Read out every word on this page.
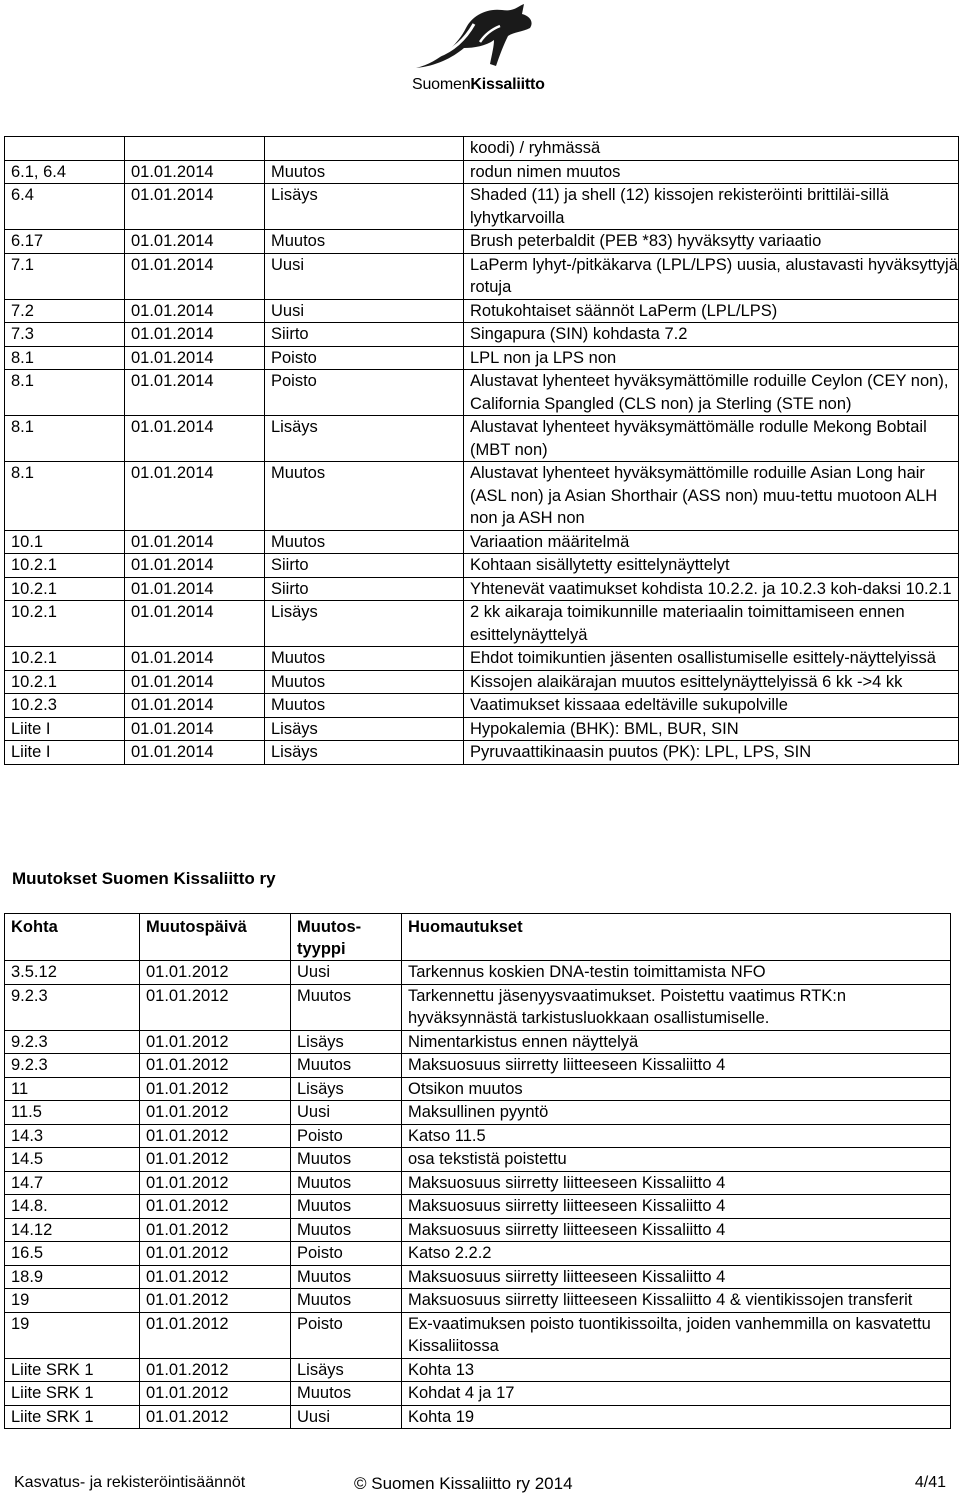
SuomenKissaliitto
			koodi) / ryhmässä
6.1, 6.4	01.01.2014	Muutos	rodun nimen muutos
6.4	01.01.2014	Lisäys	Shaded (11) ja shell (12) kissojen rekisteröinti brittiläi-sillä lyhytkarvoilla
6.17	01.01.2014	Muutos	Brush peterbaldit (PEB *83) hyväksytty variaatio
7.1	01.01.2014	Uusi	LaPerm lyhyt-/pitkäkarva (LPL/LPS) uusia, alustavasti hyväksyttyjä rotuja
7.2	01.01.2014	Uusi	Rotukohtaiset säännöt LaPerm (LPL/LPS)
7.3	01.01.2014	Siirto	Singapura (SIN) kohdasta 7.2
8.1	01.01.2014	Poisto	LPL non ja LPS non
8.1	01.01.2014	Poisto	Alustavat lyhenteet hyväksymättömille roduille Ceylon (CEY non), California Spangled (CLS non) ja Sterling (STE non)
8.1	01.01.2014	Lisäys	Alustavat lyhenteet hyväksymättömälle rodulle Mekong Bobtail (MBT non)
8.1	01.01.2014	Muutos	Alustavat lyhenteet hyväksymättömille roduille Asian Long hair (ASL non) ja Asian Shorthair (ASS non) muu-tettu muotoon ALH non ja ASH non
10.1	01.01.2014	Muutos	Variaation määritelmä
10.2.1	01.01.2014	Siirto	Kohtaan sisällytetty esittelynäyttelyt
10.2.1	01.01.2014	Siirto	Yhtenevät vaatimukset kohdista 10.2.2. ja 10.2.3 koh-daksi 10.2.1
10.2.1	01.01.2014	Lisäys	2 kk aikaraja toimikunnille materiaalin toimittamiseen ennen esittelynäyttelyä
10.2.1	01.01.2014	Muutos	Ehdot toimikuntien jäsenten osallistumiselle esittely-näyttelyissä
10.2.1	01.01.2014	Muutos	Kissojen alaikärajan muutos esittelynäyttelyissä 6 kk ->4 kk
10.2.3	01.01.2014	Muutos	Vaatimukset kissaaa edeltäville sukupolville
Liite I	01.01.2014	Lisäys	Hypokalemia (BHK): BML, BUR, SIN
Liite I	01.01.2014	Lisäys	Pyruvaattikinaasin puutos (PK): LPL, LPS, SIN
Muutokset Suomen Kissaliitto ry
Kohta	Muutospäivä	Muutos-tyyppi	Huomautukset
3.5.12	01.01.2012	Uusi	Tarkennus koskien DNA-testin toimittamista NFO
9.2.3	01.01.2012	Muutos	Tarkennettu jäsenyysvaatimukset. Poistettu vaatimus RTK:n hyväksynnästä tarkistusluokkaan osallistumiselle.
9.2.3	01.01.2012	Lisäys	Nimentarkistus ennen näyttelyä
9.2.3	01.01.2012	Muutos	Maksuosuus siirretty liitteeseen Kissaliitto 4
11	01.01.2012	Lisäys	Otsikon muutos
11.5	01.01.2012	Uusi	Maksullinen pyyntö
14.3	01.01.2012	Poisto	Katso 11.5
14.5	01.01.2012	Muutos	osa tekstistä poistettu
14.7	01.01.2012	Muutos	Maksuosuus siirretty liitteeseen Kissaliitto 4
14.8.	01.01.2012	Muutos	Maksuosuus siirretty liitteeseen Kissaliitto 4
14.12	01.01.2012	Muutos	Maksuosuus siirretty liitteeseen Kissaliitto 4
16.5	01.01.2012	Poisto	Katso 2.2.2
18.9	01.01.2012	Muutos	Maksuosuus siirretty liitteeseen Kissaliitto 4
19	01.01.2012	Muutos	Maksuosuus siirretty liitteeseen Kissaliitto 4 & vientikissojen transferit
19	01.01.2012	Poisto	Ex-vaatimuksen poisto tuontikissoilta, joiden vanhemmilla on kasvatettu Kissaliitossa
Liite SRK 1	01.01.2012	Lisäys	Kohta 13
Liite SRK 1	01.01.2012	Muutos	Kohdat 4 ja 17
Liite SRK 1	01.01.2012	Uusi	Kohta 19
Kasvatus- ja rekisteröintisäännöt	© Suomen Kissaliitto ry 2014	4/41
